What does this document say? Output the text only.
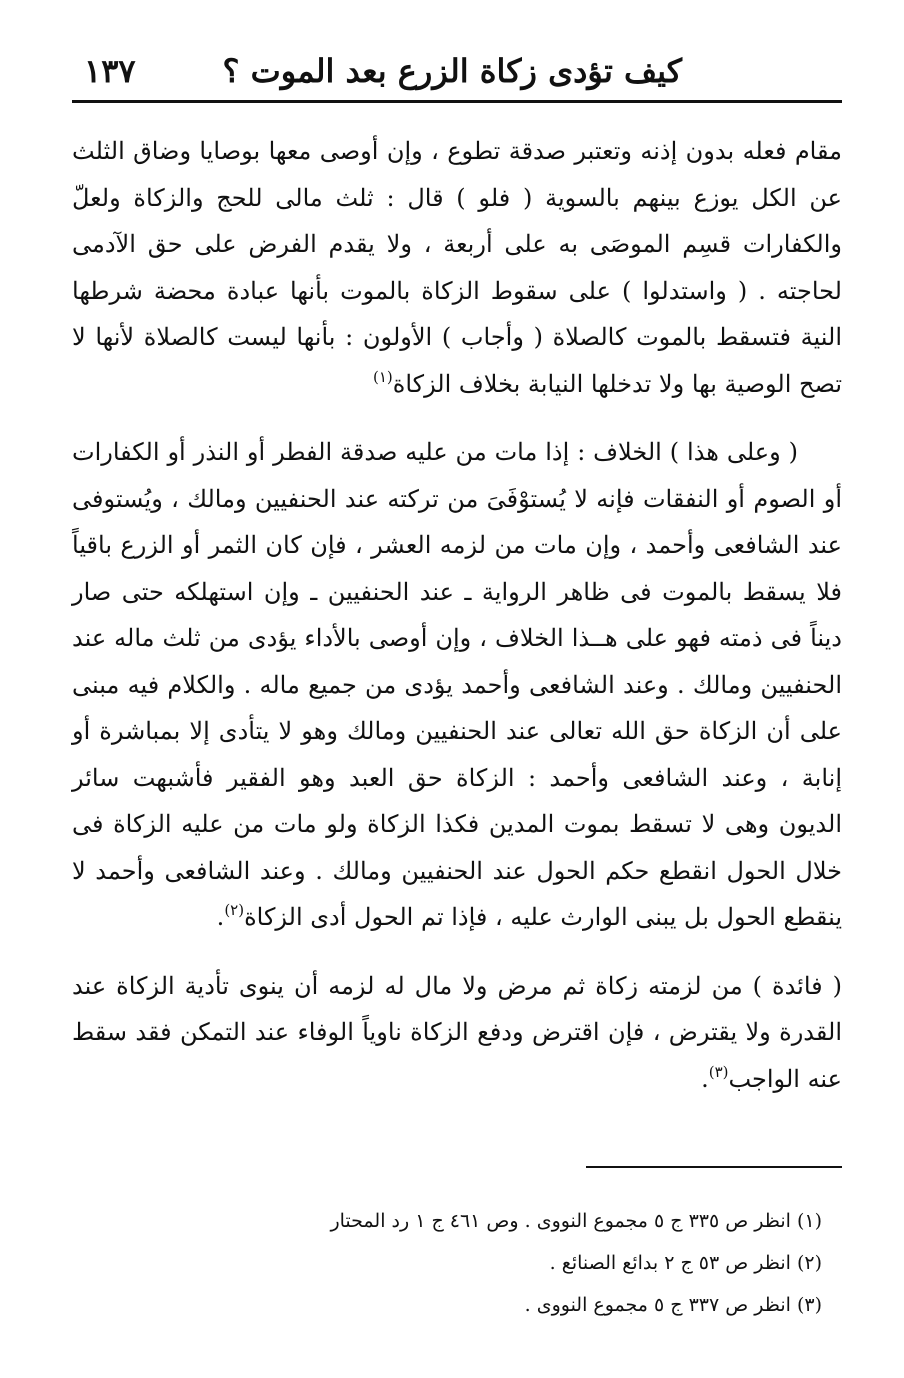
كيف تؤدى زكاة الزرع بعد الموت ؟
١٣٧

مقام فعله بدون إذنه وتعتبر صدقة تطوع ، وإن أوصى معها بوصايا وضاق الثلث عن الكل يوزع بينهم بالسوية ( فلو ) قال : ثلث مالى للحج والزكاة ولعلّ والكفارات قسِم الموصَى به على أربعة ، ولا يقدم الفرض على حق الآدمى لحاجته . ( واستدلوا ) على سقوط الزكاة بالموت بأنها عبادة محضة شرطها النية فتسقط بالموت كالصلاة ( وأجاب ) الأولون : بأنها ليست كالصلاة لأنها لا تصح الوصية بها ولا تدخلها النيابة بخلاف الزكاة$^{(١)}$

( وعلى هذا ) الخلاف : إذا مات من عليه صدقة الفطر أو النذر أو الكفارات أو الصوم أو النفقات فإنه لا يُستوْفَىَ من تركته عند الحنفيين ومالك ، ويُستوفى عند الشافعى وأحمد ، وإن مات من لزمه العشر ، فإن كان الثمر أو الزرع باقياً فلا يسقط بالموت فى ظاهر الرواية ـ عند الحنفيين ـ وإن استهلكه حتى صار ديناً فى ذمته فهو على هــذا الخلاف ، وإن أوصى بالأداء يؤدى من ثلث ماله عند الحنفيين ومالك . وعند الشافعى وأحمد يؤدى من جميع ماله . والكلام فيه مبنى على أن الزكاة حق الله تعالى عند الحنفيين ومالك وهو لا يتأدى إلا بمباشرة أو إنابة ، وعند الشافعى وأحمد : الزكاة حق العبد وهو الفقير فأشبهت سائر الديون وهى لا تسقط بموت المدين فكذا الزكاة ولو مات من عليه الزكاة فى خلال الحول انقطع حكم الحول عند الحنفيين ومالك . وعند الشافعى وأحمد لا ينقطع الحول بل يبنى الوارث عليه ، فإذا تم الحول أدى الزكاة$^{(٢)}$.

( فائدة ) من لزمته زكاة ثم مرض ولا مال له لزمه أن ينوى تأدية الزكاة عند القدرة ولا يقترض ، فإن اقترض ودفع الزكاة ناوياً الوفاء عند التمكن فقد سقط عنه الواجب$^{(٣)}$.

(١) انظر ص ٣٣٥ ج ٥ مجموع النووى . وص ٤٦١ ج ١ رد المحتار

(٢) انظر ص ٥٣ ج ٢ بدائع الصنائع .

(٣) انظر ص ٣٣٧ ج ٥ مجموع النووى .
